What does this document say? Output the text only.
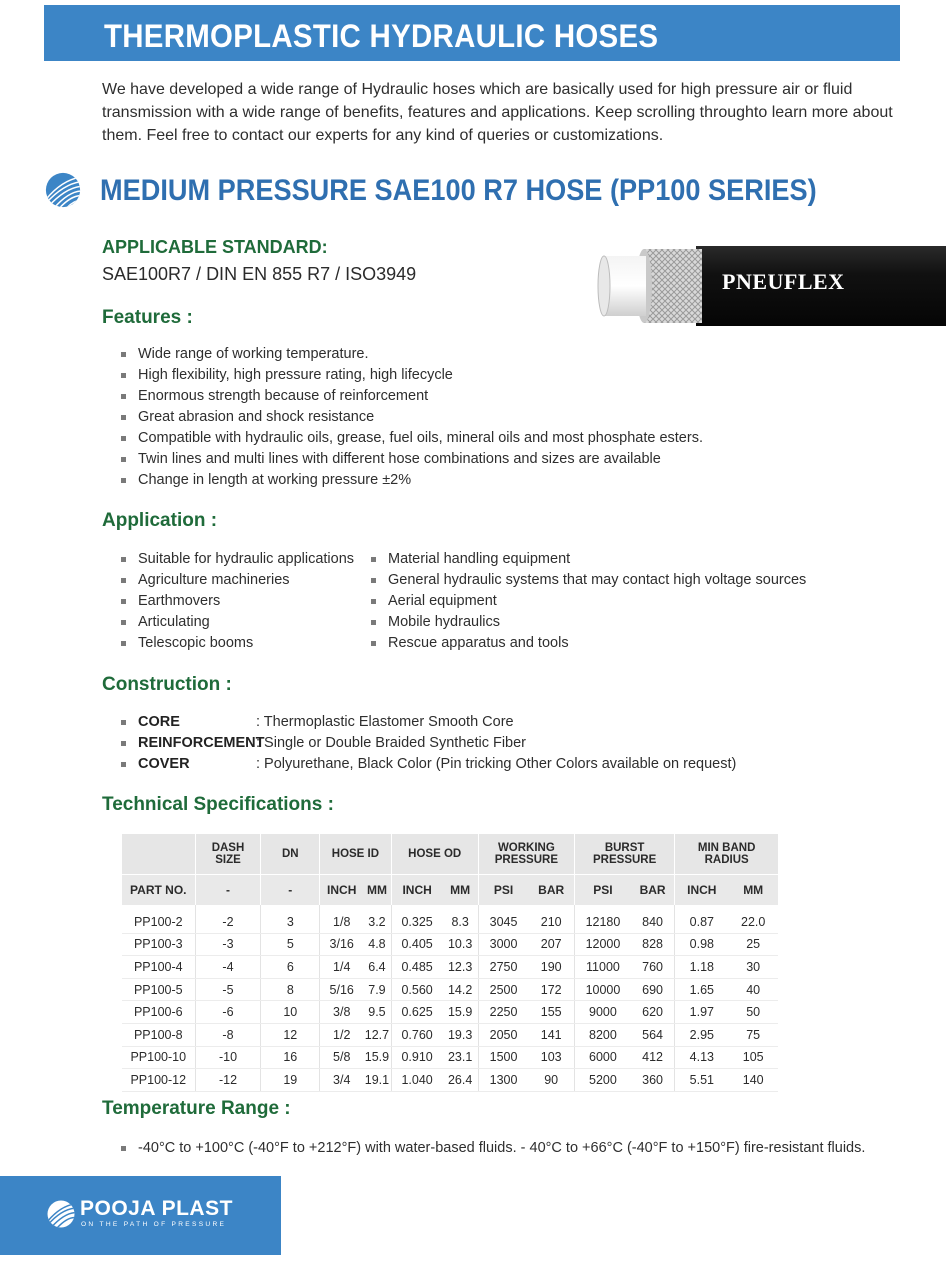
THERMOPLASTIC HYDRAULIC HOSES

We have developed a wide range of Hydraulic hoses which are basically used for high pressure air or fluid transmission with a wide range of benefits, features and applications. Keep scrolling throughto learn more about them. Feel free to contact our experts for any kind of queries or customizations.

MEDIUM PRESSURE SAE100 R7 HOSE (PP100 SERIES)
APPLICABLE STANDARD:
SAE100R7 / DIN EN 855 R7 / ISO3949	PNEUFLEX
Features :
Wide range of working temperature.
High flexibility, high pressure rating, high lifecycle
Enormous strength because of reinforcement
Great abrasion and shock resistance
Compatible with hydraulic oils, grease, fuel oils, mineral oils and most phosphate esters.
Twin lines and multi lines with different hose combinations and sizes are available
Change in length at working pressure ±2%
Application :
Suitable for hydraulic applications
Agriculture machineries
Earthmovers
Articulating
Telescopic booms
Material handling equipment
General hydraulic systems that may contact high voltage sources
Aerial equipment
Mobile hydraulics
Rescue apparatus and tools
Construction :
CORE	: Thermoplastic Elastomer Smooth Core
REINFORCEMENT
: Single or Double Braided Synthetic Fiber
COVER	: Polyurethane, Black Color (Pin tricking Other Colors available on request)
Technical Specifications :
	DASH SIZE	DN	HOSE ID		HOSE OD		WORKING PRESSURE		BURST PRESSURE		MIN BAND RADIUS	
PART NO.	-	-	INCH	MM	INCH	MM	PSI	BAR	PSI	BAR	INCH	MM
PP100-2	-2	3	1/8	3.2	0.325	8.3	3045	210	12180	840	0.87	22.0
PP100-3	-3	5	3/16	4.8	0.405	10.3	3000	207	12000	828	0.98	25
PP100-4	-4	6	1/4	6.4	0.485	12.3	2750	190	11000	760	1.18	30
PP100-5	-5	8	5/16	7.9	0.560	14.2	2500	172	10000	690	1.65	40
PP100-6	-6	10	3/8	9.5	0.625	15.9	2250	155	9000	620	1.97	50
PP100-8	-8	12	1/2	12.7	0.760	19.3	2050	141	8200	564	2.95	75
PP100-10	-10	16	5/8	15.9	0.910	23.1	1500	103	6000	412	4.13	105
PP100-12	-12	19	3/4	19.1	1.040	26.4	1300	90	5200	360	5.51	140
Temperature Range :
-40°C to +100°C (-40°F to +212°F) with water-based fluids. - 40°C to +66°C (-40°F to +150°F) fire-resistant fluids.
POOJA PLAST
ON THE PATH OF PRESSURE
